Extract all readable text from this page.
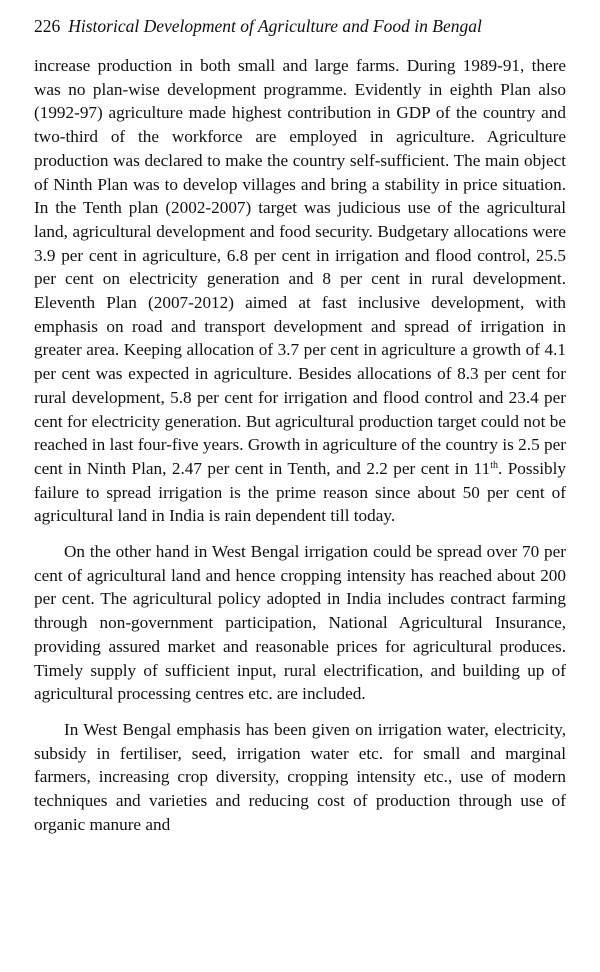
226 Historical Development of Agriculture and Food in Bengal

increase production in both small and large farms. During 1989-91, there was no plan-wise development programme. Evidently in eighth Plan also (1992-97) agriculture made highest contribution in GDP of the country and two-third of the workforce are employed in agriculture. Agriculture production was declared to make the country self-sufficient. The main object of Ninth Plan was to develop villages and bring a stability in price situation. In the Tenth plan (2002-2007) target was judicious use of the agricultural land, agricultural development and food security. Budgetary allocations were 3.9 per cent in agriculture, 6.8 per cent in irrigation and flood control, 25.5 per cent on electricity generation and 8 per cent in rural development. Eleventh Plan (2007-2012) aimed at fast inclusive development, with emphasis on road and transport development and spread of irrigation in greater area. Keeping allocation of 3.7 per cent in agriculture a growth of 4.1 per cent was expected in agriculture. Besides allocations of 8.3 per cent for rural development, 5.8 per cent for irrigation and flood control and 23.4 per cent for electricity generation. But agricultural production target could not be reached in last four-five years. Growth in agriculture of the country is 2.5 per cent in Ninth Plan, 2.47 per cent in Tenth, and 2.2 per cent in 11th. Possibly failure to spread irrigation is the prime reason since about 50 per cent of agricultural land in India is rain dependent till today.

On the other hand in West Bengal irrigation could be spread over 70 per cent of agricultural land and hence cropping intensity has reached about 200 per cent. The agricultural policy adopted in India includes contract farming through non-government participation, National Agricultural Insurance, providing assured market and reasonable prices for agricultural produces. Timely supply of sufficient input, rural electrification, and building up of agricultural processing centres etc. are included.

In West Bengal emphasis has been given on irrigation water, electricity, subsidy in fertiliser, seed, irrigation water etc. for small and marginal farmers, increasing crop diversity, cropping intensity etc., use of modern techniques and varieties and reducing cost of production through use of organic manure and
